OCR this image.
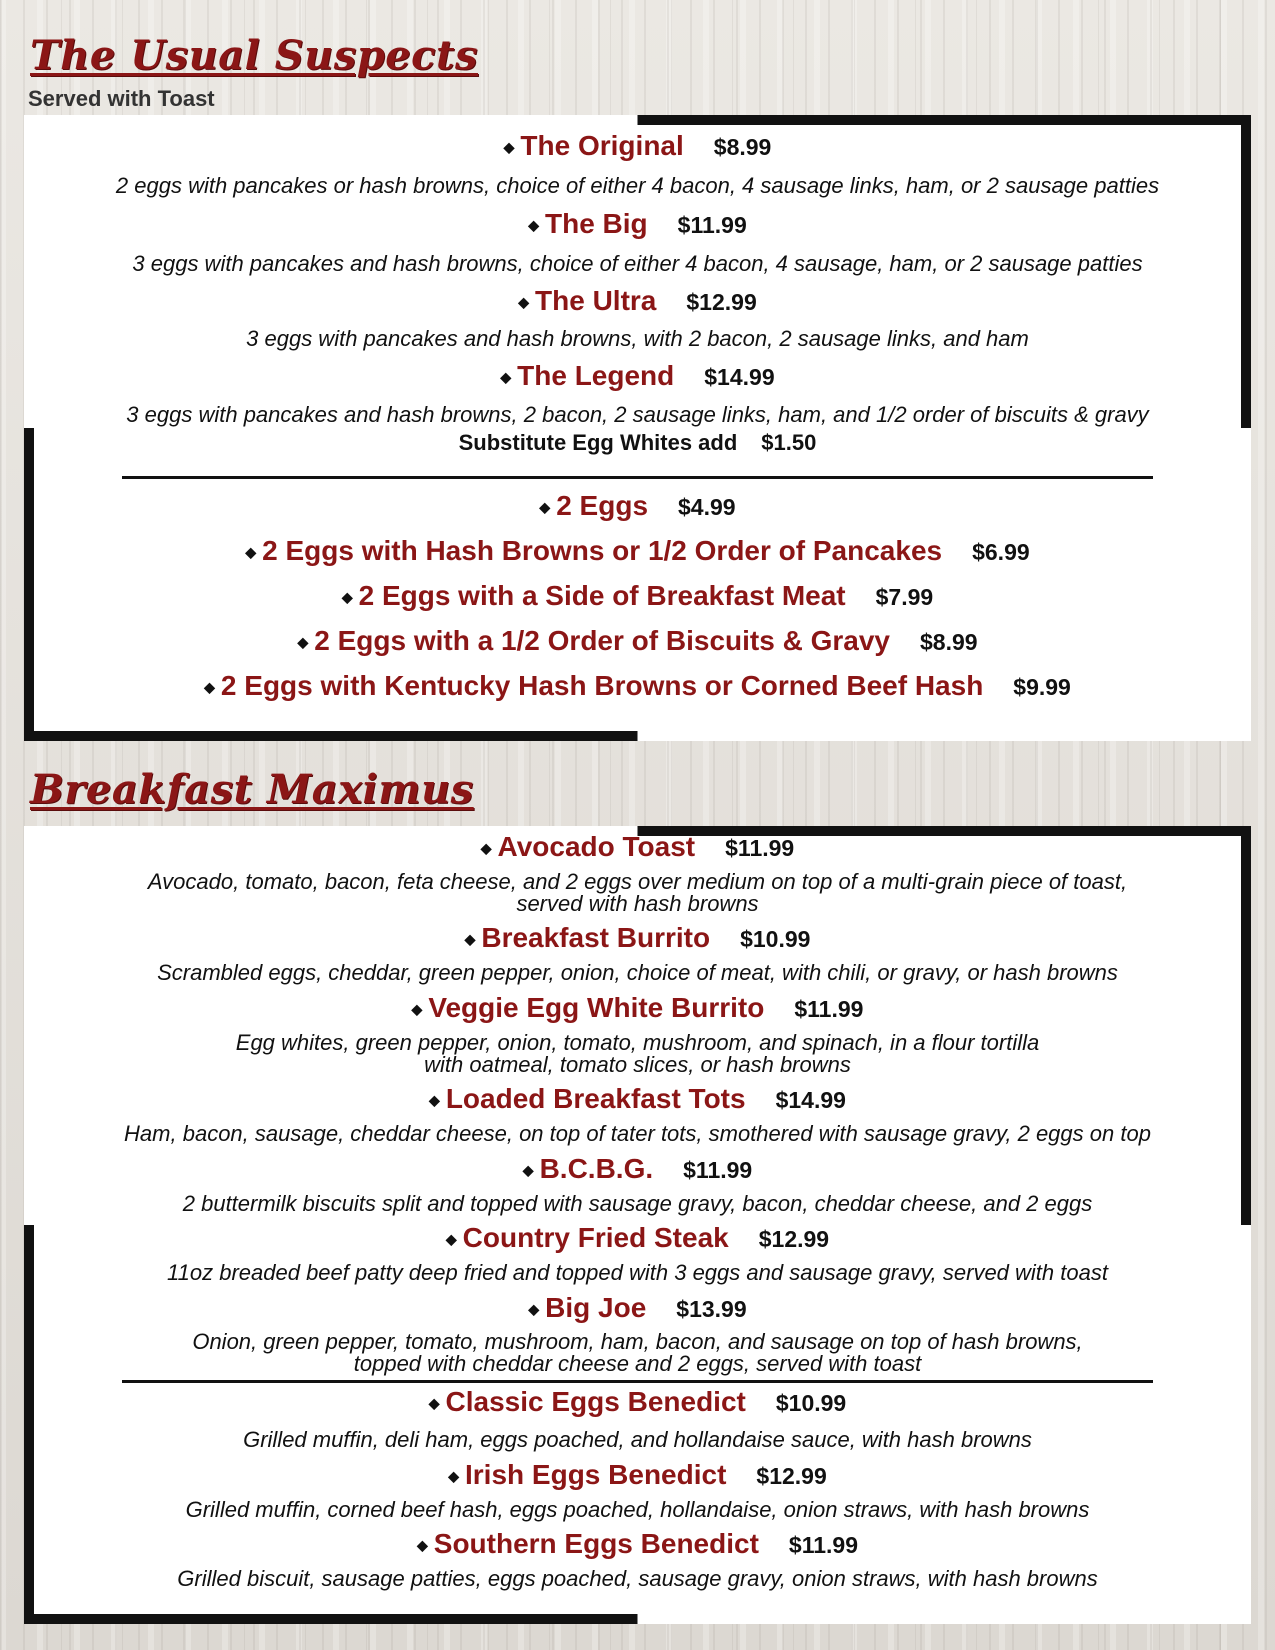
The Usual Suspects
Served with Toast
◆ The Original $8.99
2 eggs with pancakes or hash browns, choice of either 4 bacon, 4 sausage links, ham, or 2 sausage patties
◆ The Big $11.99
3 eggs with pancakes and hash browns, choice of either 4 bacon, 4 sausage, ham, or 2 sausage patties
◆ The Ultra $12.99
3 eggs with pancakes and hash browns, with 2 bacon, 2 sausage links, and ham
◆ The Legend $14.99
3 eggs with pancakes and hash browns, 2 bacon, 2 sausage links, ham, and 1/2 order of biscuits & gravy
Substitute Egg Whites add $1.50
◆ 2 Eggs $4.99
◆ 2 Eggs with Hash Browns or 1/2 Order of Pancakes $6.99
◆ 2 Eggs with a Side of Breakfast Meat $7.99
◆ 2 Eggs with a 1/2 Order of Biscuits & Gravy $8.99
◆ 2 Eggs with Kentucky Hash Browns or Corned Beef Hash $9.99
Breakfast Maximus
◆ Avocado Toast $11.99
Avocado, tomato, bacon, feta cheese, and 2 eggs over medium on top of a multi-grain piece of toast,
served with hash browns
◆ Breakfast Burrito $10.99
Scrambled eggs, cheddar, green pepper, onion, choice of meat, with chili, or gravy, or hash browns
◆ Veggie Egg White Burrito $11.99
Egg whites, green pepper, onion, tomato, mushroom, and spinach, in a flour tortilla
with oatmeal, tomato slices, or hash browns
◆ Loaded Breakfast Tots $14.99
Ham, bacon, sausage, cheddar cheese, on top of tater tots, smothered with sausage gravy, 2 eggs on top
◆ B.C.B.G. $11.99
2 buttermilk biscuits split and topped with sausage gravy, bacon, cheddar cheese, and 2 eggs
◆ Country Fried Steak $12.99
11oz breaded beef patty deep fried and topped with 3 eggs and sausage gravy, served with toast
◆ Big Joe $13.99
Onion, green pepper, tomato, mushroom, ham, bacon, and sausage on top of hash browns,
topped with cheddar cheese and 2 eggs, served with toast
◆ Classic Eggs Benedict $10.99
Grilled muffin, deli ham, eggs poached, and hollandaise sauce, with hash browns
◆ Irish Eggs Benedict $12.99
Grilled muffin, corned beef hash, eggs poached, hollandaise, onion straws, with hash browns
◆ Southern Eggs Benedict $11.99
Grilled biscuit, sausage patties, eggs poached, sausage gravy, onion straws, with hash browns
